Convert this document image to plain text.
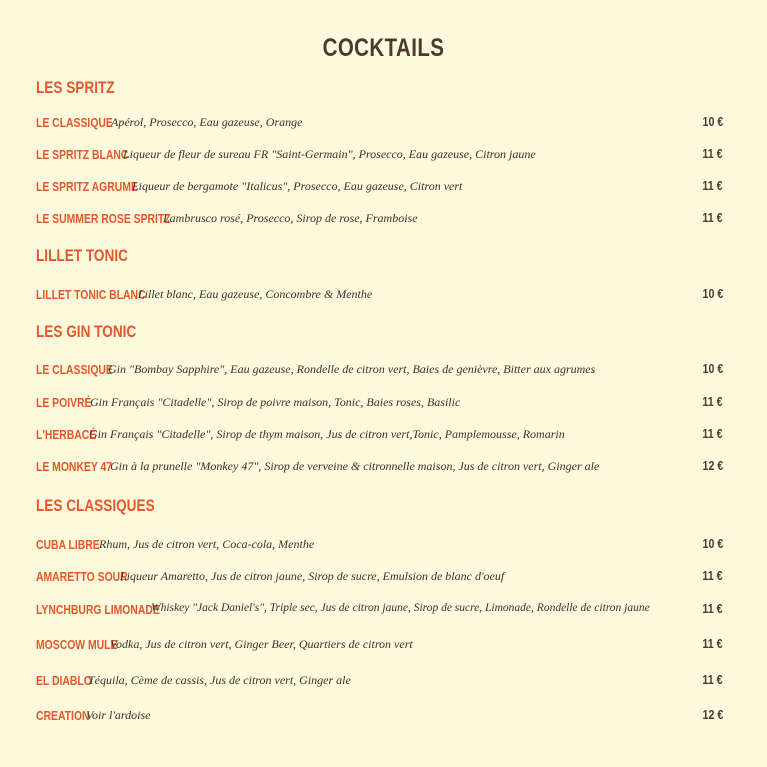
COCKTAILS
LES SPRITZ
LE CLASSIQUE
Apérol, Prosecco, Eau gazeuse, Orange	10 €
LE SPRITZ BLANC
Liqueur de fleur de sureau FR "Saint-Germain", Prosecco, Eau gazeuse, Citron jaune	11 €
LE SPRITZ AGRUME
Liqueur de bergamote "Italicus", Prosecco, Eau gazeuse, Citron vert	11 €
LE SUMMER ROSE SPRITZ
Lambrusco rosé, Prosecco, Sirop de rose, Framboise	11 €
LILLET TONIC
LILLET TONIC BLANC
Lillet blanc, Eau gazeuse, Concombre & Menthe	10 €
LES GIN TONIC
LE CLASSIQUE
Gin "Bombay Sapphire", Eau gazeuse, Rondelle de citron vert, Baies de genièvre, Bitter aux agrumes	10 €
LE POIVRÉ
Gin Français "Citadelle", Sirop de poivre maison, Tonic, Baies roses, Basilic	11 €
L'HERBACÉ
Gin Français "Citadelle", Sirop de thym maison, Jus de citron vert,Tonic, Pamplemousse, Romarin	11 €
LE MONKEY 47
Gin à la prunelle "Monkey 47", Sirop de verveine & citronnelle maison, Jus de citron vert, Ginger ale	12 €
LES CLASSIQUES
CUBA LIBRE Rhum, Jus de citron vert, Coca-cola, Menthe	10 €
AMARETTO SOUR
Liqueur Amaretto, Jus de citron jaune, Sirop de sucre, Emulsion de blanc d'oeuf	11 €
LYNCHBURG LIMONADE
Whiskey "Jack Daniel's", Triple sec, Jus de citron jaune, Sirop de sucre, Limonade, Rondelle de citron jaune	11 €
MOSCOW MULE
Vodka, Jus de citron vert, Ginger Beer, Quartiers de citron vert	11 €
EL DIABLO
Téquila, Cème de cassis, Jus de citron vert, Ginger ale	11 €
CREATION
Voir l'ardoise	12 €
